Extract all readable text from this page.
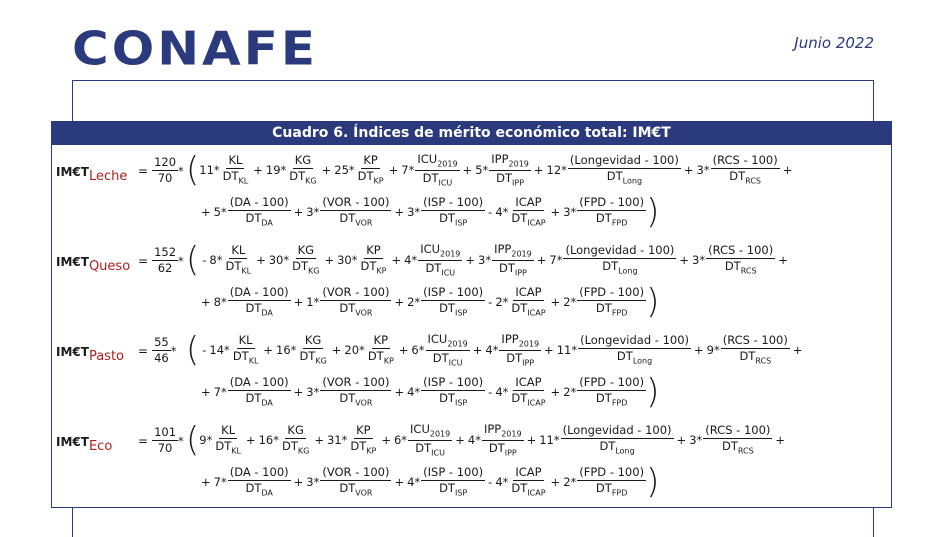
CONAFE	Junio 2022
Cuadro 6. Índices de mérito económico total: IM€T
IM€TLeche = $\frac{120}{70}$ * ( $11* \frac{KL}{DT_{KL}} + 19* \frac{KG}{DT_{KG}} + 25* \frac{KP}{DT_{KP}} + 7* \frac{ICU_{2019}}{DT_{ICU}} + 5* \frac{IPP_{2019}}{DT_{IPP}} + 12* \frac{\text{(Longevidad - 100)}}{DT_{Long}} + 3* \frac{\text{(RCS - 100)}}{DT_{RCS}}$ +
+ $5* \frac{(DA - 100)}{DT_{DA}} + 3* \frac{\text{(VOR - 100)}}{DT_{VOR}} + 3* \frac{\text{(ISP - 100)}}{DT_{ISP}} - 4* \frac{\text{ICAP}}{DT_{ICAP}} + 3* \frac{\text{(FPD - 100)}}{DT_{FPD}}$ )
IM€TQueso = $\frac{152}{62}$ * ( - $8* \frac{KL}{DT_{KL}} + 30* \frac{KG}{DT_{KG}} + 30* \frac{KP}{DT_{KP}} + 4* \frac{ICU_{2019}}{DT_{ICU}} + 3* \frac{IPP_{2019}}{DT_{IPP}} + 7* \frac{\text{(Longevidad - 100)}}{DT_{Long}} + 3* \frac{\text{(RCS - 100)}}{DT_{RCS}}$ +
+ $8* \frac{(DA - 100)}{DT_{DA}} + 1* \frac{\text{(VOR - 100)}}{DT_{VOR}} + 2* \frac{\text{(ISP - 100)}}{DT_{ISP}} - 2* \frac{\text{ICAP}}{DT_{ICAP}} + 2* \frac{\text{(FPD - 100)}}{DT_{FPD}}$ )
IM€TPasto = $\frac{55}{46}$ * ( - $14* \frac{KL}{DT_{KL}} + 16* \frac{KG}{DT_{KG}} + 20* \frac{KP}{DT_{KP}} + 6* \frac{ICU_{2019}}{DT_{ICU}} + 4* \frac{IPP_{2019}}{DT_{IPP}} + 11* \frac{\text{(Longevidad - 100)}}{DT_{Long}} + 9* \frac{\text{(RCS - 100)}}{DT_{RCS}}$ +
+ $7* \frac{(DA - 100)}{DT_{DA}} + 3* \frac{\text{(VOR - 100)}}{DT_{VOR}} + 4* \frac{\text{(ISP - 100)}}{DT_{ISP}} - 4* \frac{\text{ICAP}}{DT_{ICAP}} + 2* \frac{\text{(FPD - 100)}}{DT_{FPD}}$ )
IM€TEco = $\frac{101}{70}$ * ( $9* \frac{KL}{DT_{KL}} + 16* \frac{KG}{DT_{KG}} + 31* \frac{KP}{DT_{KP}} + 6* \frac{ICU_{2019}}{DT_{ICU}} + 4* \frac{IPP_{2019}}{DT_{IPP}} + 11* \frac{\text{(Longevidad - 100)}}{DT_{Long}} + 3* \frac{\text{(RCS - 100)}}{DT_{RCS}}$ +
+ $7* \frac{(DA - 100)}{DT_{DA}} + 3* \frac{\text{(VOR - 100)}}{DT_{VOR}} + 4* \frac{\text{(ISP - 100)}}{DT_{ISP}} - 4* \frac{\text{ICAP}}{DT_{ICAP}} + 2* \frac{\text{(FPD - 100)}}{DT_{FPD}}$ )
